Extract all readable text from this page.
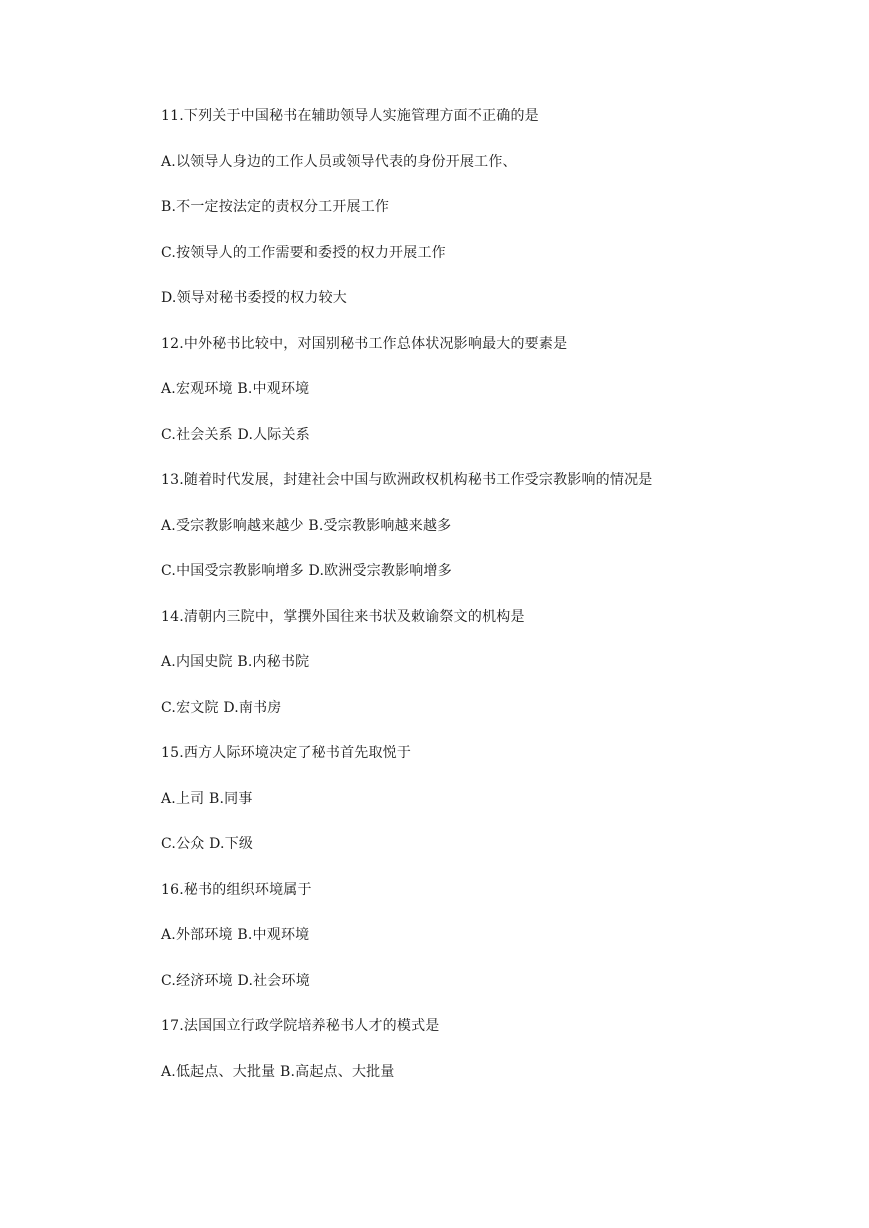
11.下列关于中国秘书在辅助领导人实施管理方面不正确的是
A.以领导人身边的工作人员或领导代表的身份开展工作、
B.不一定按法定的责权分工开展工作
C.按领导人的工作需要和委授的权力开展工作
D.领导对秘书委授的权力较大
12.中外秘书比较中，对国别秘书工作总体状况影响最大的要素是
A.宏观环境 B.中观环境
C.社会关系 D.人际关系
13.随着时代发展，封建社会中国与欧洲政权机构秘书工作受宗教影响的情况是
A.受宗教影响越来越少 B.受宗教影响越来越多
C.中国受宗教影响增多 D.欧洲受宗教影响增多
14.清朝内三院中，掌撰外国往来书状及敕谕祭文的机构是
A.内国史院 B.内秘书院
C.宏文院 D.南书房
15.西方人际环境决定了秘书首先取悦于
A.上司 B.同事
C.公众 D.下级
16.秘书的组织环境属于
A.外部环境 B.中观环境
C.经济环境 D.社会环境
17.法国国立行政学院培养秘书人才的模式是
A.低起点、大批量 B.高起点、大批量
